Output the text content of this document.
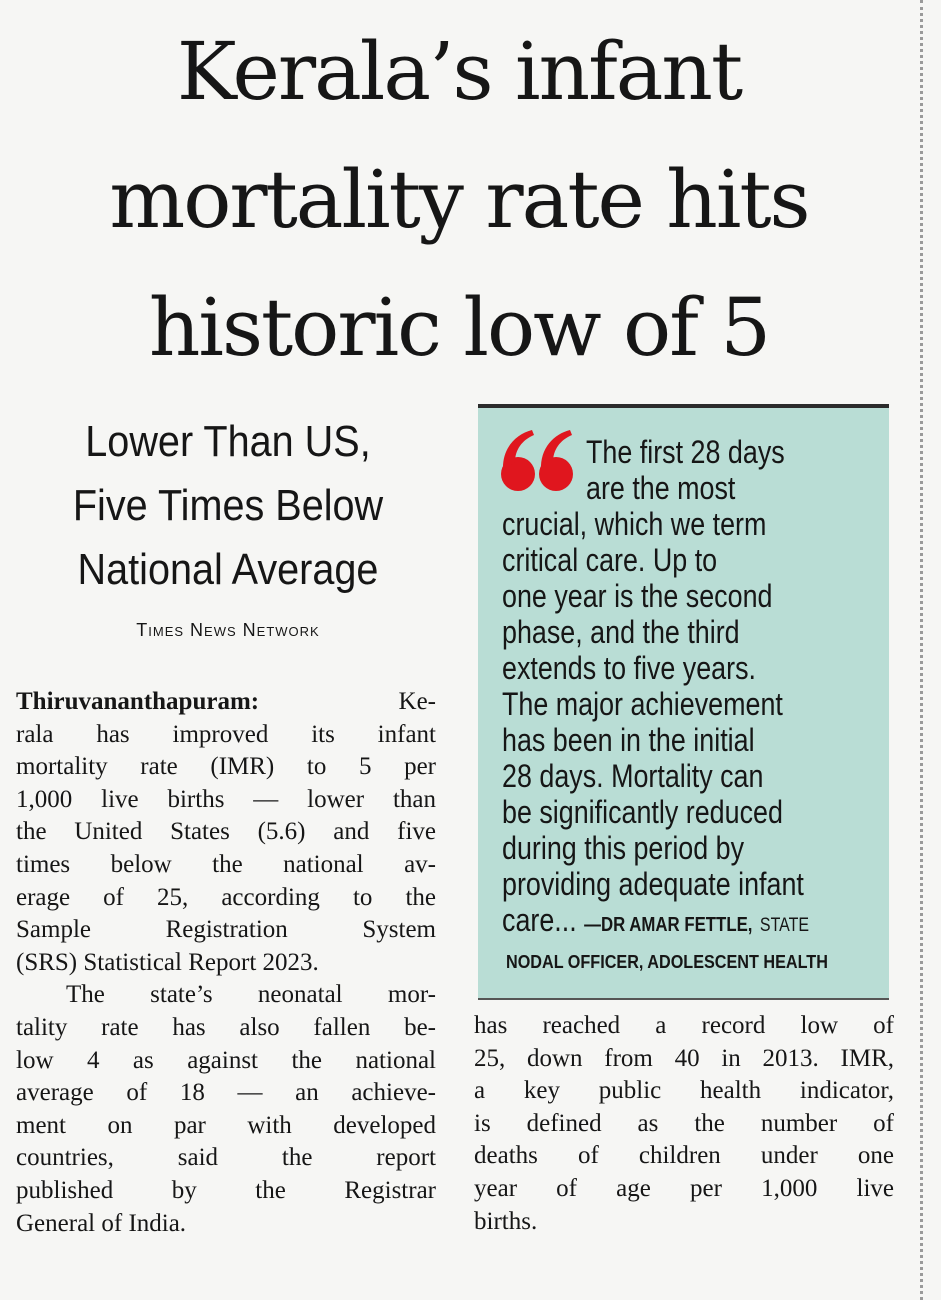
Kerala’s infant
mortality rate hits
historic low of 5
Lower Than US,
Five Times Below
National Average
Times News Network
Thiruvananthapuram:	Ke-
rala has improved its infant
mortality rate (IMR) to 5 per
1,000 live births — lower than
the United States (5.6) and five
times below the national av-
erage of 25, according to the
Sample Registration System
(SRS) Statistical Report 2023.
The state’s neonatal mor-
tality rate has also fallen be-
low 4 as against the national
average of 18 — an achieve-
ment on par with developed
countries, said the report
published by the Registrar
General of India.
The first 28 days
are the most
crucial, which we term
critical care. Up to
one year is the second
phase, and the third
extends to five years.
The major achievement
has been in the initial
28 days. Mortality can
be significantly reduced
during this period by
providing adequate infant
care... —DR AMAR FETTLE, STATE
NODAL OFFICER, ADOLESCENT HEALTH
has reached a record low of
25, down from 40 in 2013. IMR,
a key public health indicator,
is defined as the number of
deaths of children under one
year of age per 1,000 live
births.
